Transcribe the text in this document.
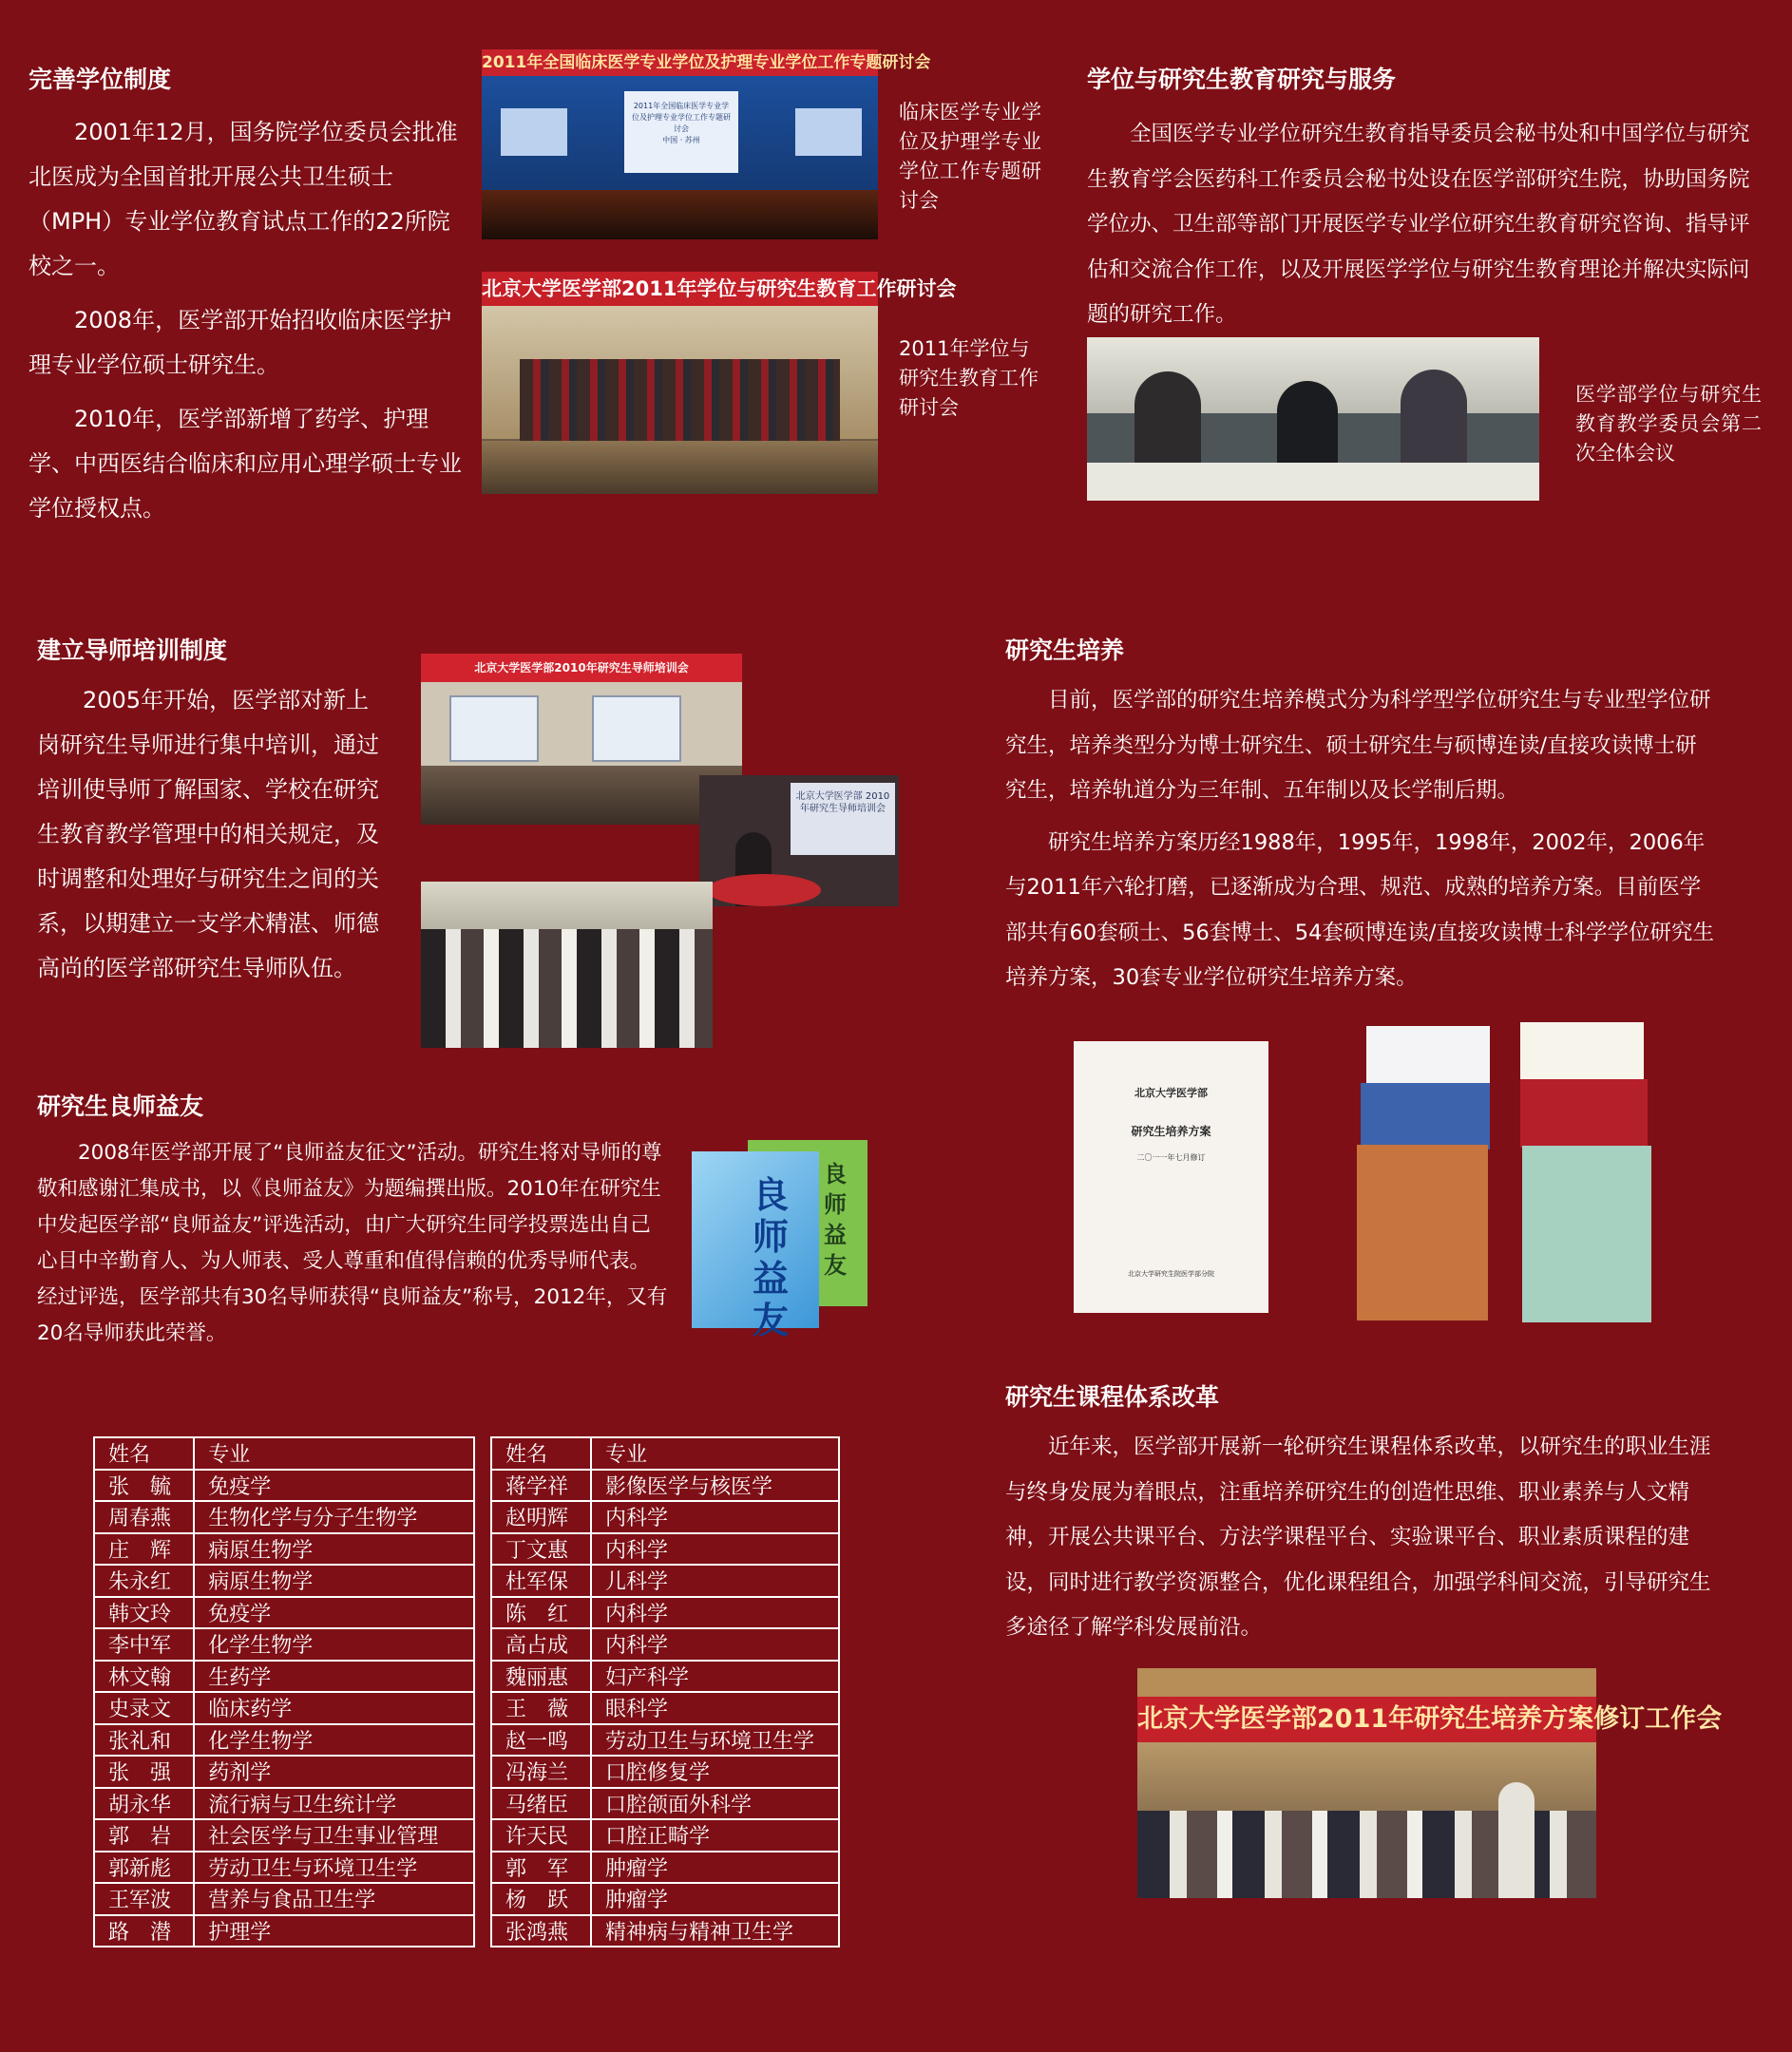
完善学位制度

2001年12月，国务院学位委员会批准北医成为全国首批开展公共卫生硕士（MPH）专业学位教育试点工作的22所院校之一。

2008年，医学部开始招收临床医学护理专业学位硕士研究生。

2010年，医学部新增了药学、护理学、中西医结合临床和应用心理学硕士专业学位授权点。

2011年全国临床医学专业学位及护理专业学位工作专题研讨会
2011年全国临床医学专业学位及护理专业学位工作专题研讨会
中国 · 苏州
临床医学专业学位及护理学专业学位工作专题研讨会
北京大学医学部2011年学位与研究生教育工作研讨会
2011年学位与研究生教育工作研讨会
学位与研究生教育研究与服务

全国医学专业学位研究生教育指导委员会秘书处和中国学位与研究生教育学会医药科工作委员会秘书处设在医学部研究生院，协助国务院学位办、卫生部等部门开展医学专业学位研究生教育研究咨询、指导评估和交流合作工作，以及开展医学学位与研究生教育理论并解决实际问题的研究工作。

医学部学位与研究生教育教学委员会第二次全体会议
建立导师培训制度

2005年开始，医学部对新上岗研究生导师进行集中培训，通过培训使导师了解国家、学校在研究生教育教学管理中的相关规定，及时调整和处理好与研究生之间的关系，以期建立一支学术精湛、师德高尚的医学部研究生导师队伍。

北京大学医学部2010年研究生导师培训会
北京大学医学部 2010年研究生导师培训会
研究生培养

目前，医学部的研究生培养模式分为科学型学位研究生与专业型学位研究生，培养类型分为博士研究生、硕士研究生与硕博连读/直接攻读博士研究生，培养轨道分为三年制、五年制以及长学制后期。

研究生培养方案历经1988年，1995年，1998年，2002年，2006年与2011年六轮打磨，已逐渐成为合理、规范、成熟的培养方案。目前医学部共有60套硕士、56套博士、54套硕博连读/直接攻读博士科学学位研究生培养方案，30套专业学位研究生培养方案。

北京大学医学部
研究生培养方案
二〇一一年七月修订
北京大学研究生院医学部分院
研究生良师益友

2008年医学部开展了“良师益友征文”活动。研究生将对导师的尊敬和感谢汇集成书，以《良师益友》为题编撰出版。2010年在研究生中发起医学部“良师益友”评选活动，由广大研究生同学投票选出自己心目中辛勤育人、为人师表、受人尊重和值得信赖的优秀导师代表。经过评选，医学部共有30名导师获得“良师益友”称号，2012年，又有20名导师获此荣誉。

良师益友
良师益友
姓名	专业
张　毓	免疫学
周春燕	生物化学与分子生物学
庄　辉	病原生物学
朱永红	病原生物学
韩文玲	免疫学
李中军	化学生物学
林文翰	生药学
史录文	临床药学
张礼和	化学生物学
张　强	药剂学
胡永华	流行病与卫生统计学
郭　岩	社会医学与卫生事业管理
郭新彪	劳动卫生与环境卫生学
王军波	营养与食品卫生学
路　潜	护理学
姓名	专业
蒋学祥	影像医学与核医学
赵明辉	内科学
丁文惠	内科学
杜军保	儿科学
陈　红	内科学
高占成	内科学
魏丽惠	妇产科学
王　薇	眼科学
赵一鸣	劳动卫生与环境卫生学
冯海兰	口腔修复学
马绪臣	口腔颌面外科学
许天民	口腔正畸学
郭　军	肿瘤学
杨　跃	肿瘤学
张鸿燕	精神病与精神卫生学
研究生课程体系改革

近年来，医学部开展新一轮研究生课程体系改革，以研究生的职业生涯与终身发展为着眼点，注重培养研究生的创造性思维、职业素养与人文精神，开展公共课平台、方法学课程平台、实验课平台、职业素质课程的建设，同时进行教学资源整合，优化课程组合，加强学科间交流，引导研究生多途径了解学科发展前沿。

北京大学医学部2011年研究生培养方案修订工作会
